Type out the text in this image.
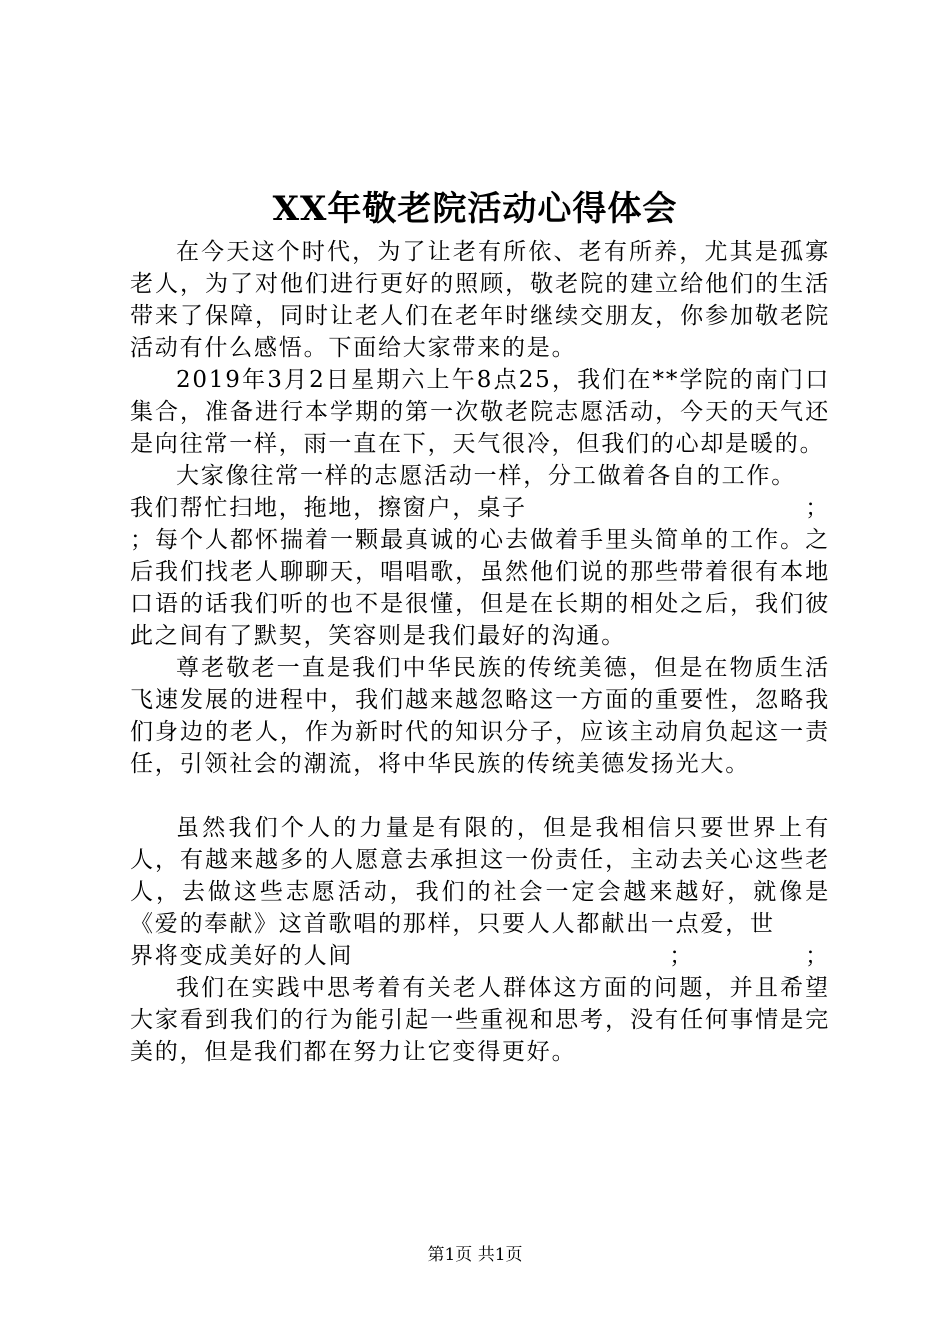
XX年敬老院活动心得体会

在今天这个时代，为了让老有所依、老有所养，尤其是孤寡老人，为了对他们进行更好的照顾，敬老院的建立给他们的生活带来了保障，同时让老人们在老年时继续交朋友，你参加敬老院活动有什么感悟。下面给大家带来的是。

2019年3月2日星期六上午8点25，我们在**学院的南门口集合，准备进行本学期的第一次敬老院志愿活动，今天的天气还是向往常一样，雨一直在下，天气很冷，但我们的心却是暖的。

大家像往常一样的志愿活动一样，分工做着各自的工作。

我们帮忙扫地，拖地，擦窗户，桌子	；

；每个人都怀揣着一颗最真诚的心去做着手里头简单的工作。之后我们找老人聊聊天，唱唱歌，虽然他们说的那些带着很有本地口语的话我们听的也不是很懂，但是在长期的相处之后，我们彼此之间有了默契，笑容则是我们最好的沟通。

尊老敬老一直是我们中华民族的传统美德，但是在物质生活飞速发展的进程中，我们越来越忽略这一方面的重要性，忽略我们身边的老人，作为新时代的知识分子，应该主动肩负起这一责任，引领社会的潮流，将中华民族的传统美德发扬光大。

虽然我们个人的力量是有限的，但是我相信只要世界上有人，有越来越多的人愿意去承担这一份责任，主动去关心这些老人，去做这些志愿活动，我们的社会一定会越来越好，就像是《爱的奉献》这首歌唱的那样，只要人人都献出一点爱，世

界将变成美好的人间	；	；

我们在实践中思考着有关老人群体这方面的问题，并且希望大家看到我们的行为能引起一些重视和思考，没有任何事情是完美的，但是我们都在努力让它变得更好。

第1页 共1页
